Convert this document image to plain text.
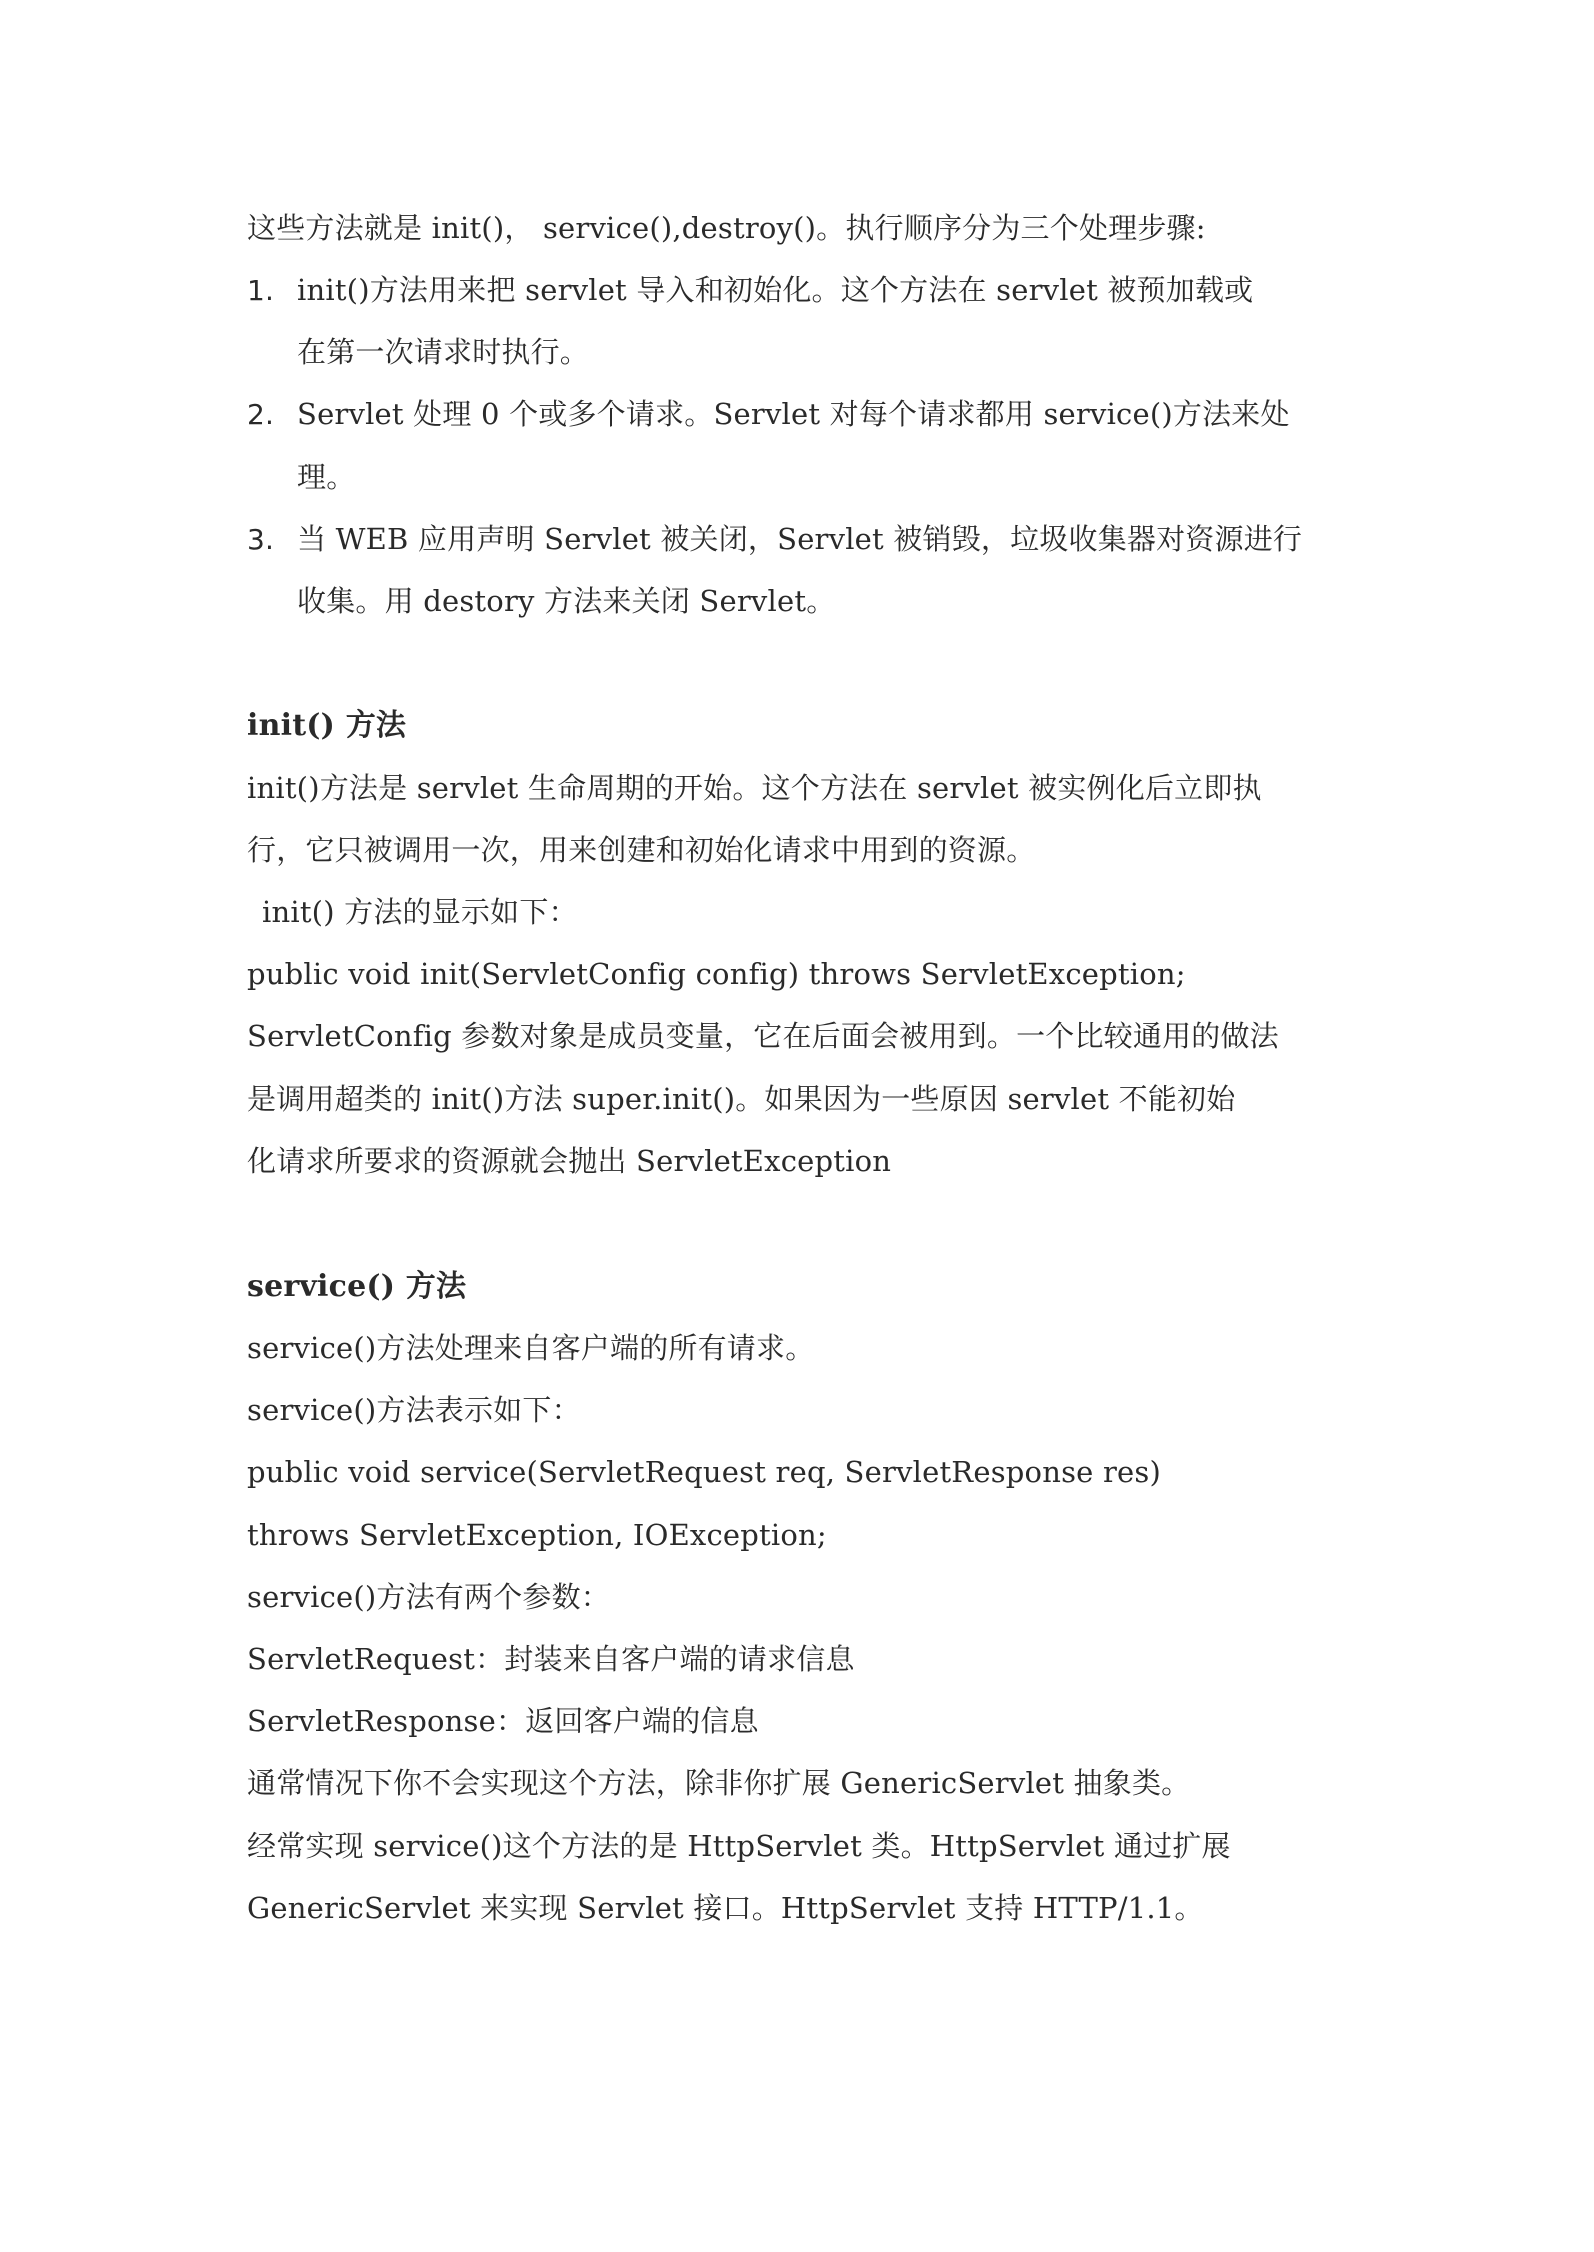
这些方法就是 init()， service(),destroy()。执行顺序分为三个处理步骤:

1. init()方法用来把 servlet 导入和初始化。这个方法在 servlet 被预加载或

在第一次请求时执行。

2. Servlet 处理 0 个或多个请求。Servlet 对每个请求都用 service()方法来处

理。

3. 当 WEB 应用声明 Servlet 被关闭，Servlet 被销毁，垃圾收集器对资源进行

收集。用 destory 方法来关闭 Servlet。

init() 方法

init()方法是 servlet 生命周期的开始。这个方法在 servlet 被实例化后立即执

行，它只被调用一次，用来创建和初始化请求中用到的资源。

init() 方法的显示如下：

public void init(ServletConfig config) throws ServletException;

ServletConfig 参数对象是成员变量，它在后面会被用到。一个比较通用的做法

是调用超类的 init()方法 super.init()。如果因为一些原因 servlet 不能初始

化请求所要求的资源就会抛出 ServletException

service() 方法

service()方法处理来自客户端的所有请求。

service()方法表示如下：

public void service(ServletRequest req, ServletResponse res)

throws ServletException, IOException;

service()方法有两个参数：

ServletRequest：封装来自客户端的请求信息

ServletResponse：返回客户端的信息

通常情况下你不会实现这个方法，除非你扩展 GenericServlet 抽象类。

经常实现 service()这个方法的是 HttpServlet 类。HttpServlet 通过扩展

GenericServlet 来实现 Servlet 接口。HttpServlet 支持 HTTP/1.1。
